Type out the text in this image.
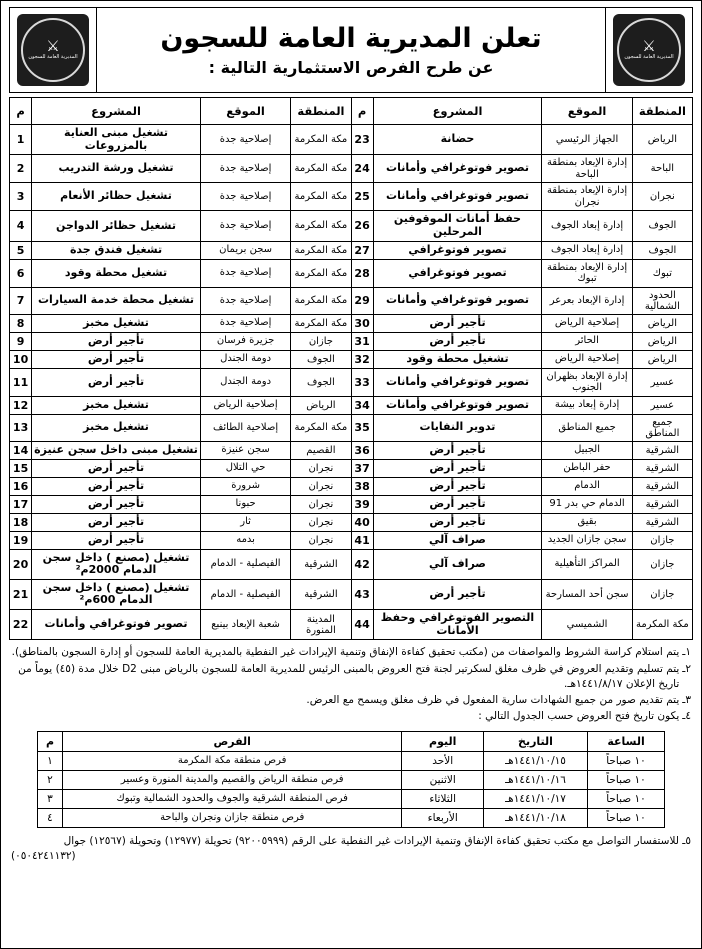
⚔
المديرية العامة للسجون
تعلن المديرية العامة للسجون
عن طرح الفرص الاستثمارية التالية :
⚔
المديرية العامة للسجون
المنطقة	الموقع	المشروع	م	المنطقة	الموقع	المشروع	م
الرياض	الجهاز الرئيسي	حضانة	23	مكة المكرمة	إصلاحية جدة	تشغيل مبنى العناية بالمزروعات	1
الباحة	إدارة الإبعاد بمنطقة الباحة	تصوير فوتوغرافي وأمانات	24	مكة المكرمة	إصلاحية جدة	تشغيل ورشة التدريب	2
نجران	إدارة الإبعاد بمنطقة نجران	تصوير فوتوغرافي وأمانات	25	مكة المكرمة	إصلاحية جدة	تشغيل حظائر الأنعام	3
الجوف	إدارة إبعاد الجوف	حفظ أمانات الموقوفين المرحلين	26	مكة المكرمة	إصلاحية جدة	تشغيل حظائر الدواجن	4
الجوف	إدارة إبعاد الجوف	تصوير فوتوغرافي	27	مكة المكرمة	سجن بريمان	تشغيل فندق جدة	5
تبوك	إدارة الإبعاد بمنطقة تبوك	تصوير فوتوغرافي	28	مكة المكرمة	إصلاحية جدة	تشغيل محطة وقود	6
الحدود الشمالية	إدارة الإبعاد بعرعر	تصوير فوتوغرافي وأمانات	29	مكة المكرمة	إصلاحية جدة	تشغيل محطة خدمة السيارات	7
الرياض	إصلاحية الرياض	تأجير أرض	30	مكة المكرمة	إصلاحية جدة	تشغيل مخبز	8
الرياض	الحائر	تأجير أرض	31	جازان	جزيرة فرسان	تأجير أرض	9
الرياض	إصلاحية الرياض	تشغيل محطة وقود	32	الجوف	دومة الجندل	تأجير أرض	10
عسير	إدارة الإبعاد بظهران الجنوب	تصوير فوتوغرافي وأمانات	33	الجوف	دومة الجندل	تأجير أرض	11
عسير	إدارة إبعاد بيشة	تصوير فوتوغرافي وأمانات	34	الرياض	إصلاحية الرياض	تشغيل مخبز	12
جميع المناطق	جميع المناطق	تدوير النفايات	35	مكة المكرمة	إصلاحية الطائف	تشغيل مخبز	13
الشرقية	الجبيل	تأجير أرض	36	القصيم	سجن عنيزة	تشغيل مبنى داخل سجن عنيزة	14
الشرقية	حفر الباطن	تأجير أرض	37	نجران	حي التلال	تأجير أرض	15
الشرقية	الدمام	تأجير أرض	38	نجران	شرورة	تأجير أرض	16
الشرقية	الدمام حي بدر 91	تأجير أرض	39	نجران	حبونا	تأجير أرض	17
الشرقية	بقيق	تأجير أرض	40	نجران	ثار	تأجير أرض	18
جازان	سجن جازان الجديد	صراف آلي	41	نجران	بدمه	تأجير أرض	19
جازان	المراكز التأهيلية	صراف آلي	42	الشرقية	الفيصلية - الدمام	تشغيل (مصنع ) داخل سجن الدمام 2000م²	20
جازان	سجن أحد المسارحة	تأجير أرض	43	الشرقية	الفيصلية - الدمام	تشغيل (مصنع ) داخل سجن الدمام 600م²	21
مكة المكرمة	الشميسي	التصوير الفوتوغرافي وحفظ الأمانات	44	المدينة المنورة	شعبة الإبعاد بينبع	تصوير فوتوغرافي وأمانات	22
١ـ
يتم استلام كراسة الشروط والمواصفات من (مكتب تحقيق كفاءة الإنفاق وتنمية الإيرادات غير النفطية بالمديرية العامة للسجون أو إدارة السجون بالمناطق).
٢ـ
يتم تسليم وتقديم العروض في ظرف مغلق لسكرتير لجنة فتح العروض بالمبنى الرئيس للمديرية العامة للسجون بالرياض مبنى D2 خلال مدة (٤٥) يوماً من تاريخ الإعلان ١٤٤١/٨/١٧هـ.
٣ـ
يتم تقديم صور من جميع الشهادات سارية المفعول في ظرف مغلق ويسمح مع العرض.
٤ـ
يكون تاريخ فتح العروض حسب الجدول التالي :
الساعة	التاريخ	اليوم	الفرص	م
١٠ صباحاً	١٤٤١/١٠/١٥هـ	الأحد	فرص منطقة مكة المكرمة	١
١٠ صباحاً	١٤٤١/١٠/١٦هـ	الاثنين	فرص منطقة الرياض والقصيم والمدينة المنورة وعسير	٢
١٠ صباحاً	١٤٤١/١٠/١٧هـ	الثلاثاء	فرص المنطقة الشرقية والجوف والحدود الشمالية وتبوك	٣
١٠ صباحاً	١٤٤١/١٠/١٨هـ	الأربعاء	فرص منطقة جازان ونجران والباحة	٤
٥ـ للاستفسار التواصل مع مكتب تحقيق كفاءة الإنفاق وتنمية الإيرادات غير النفطية على الرقم (٩٢٠٠٥٩٩٩) تحويلة (١٢٩٧٧) وتحويلة (١٢٥٦٧) جوال
(٠٥٠٤٢٤١١٣٢)
